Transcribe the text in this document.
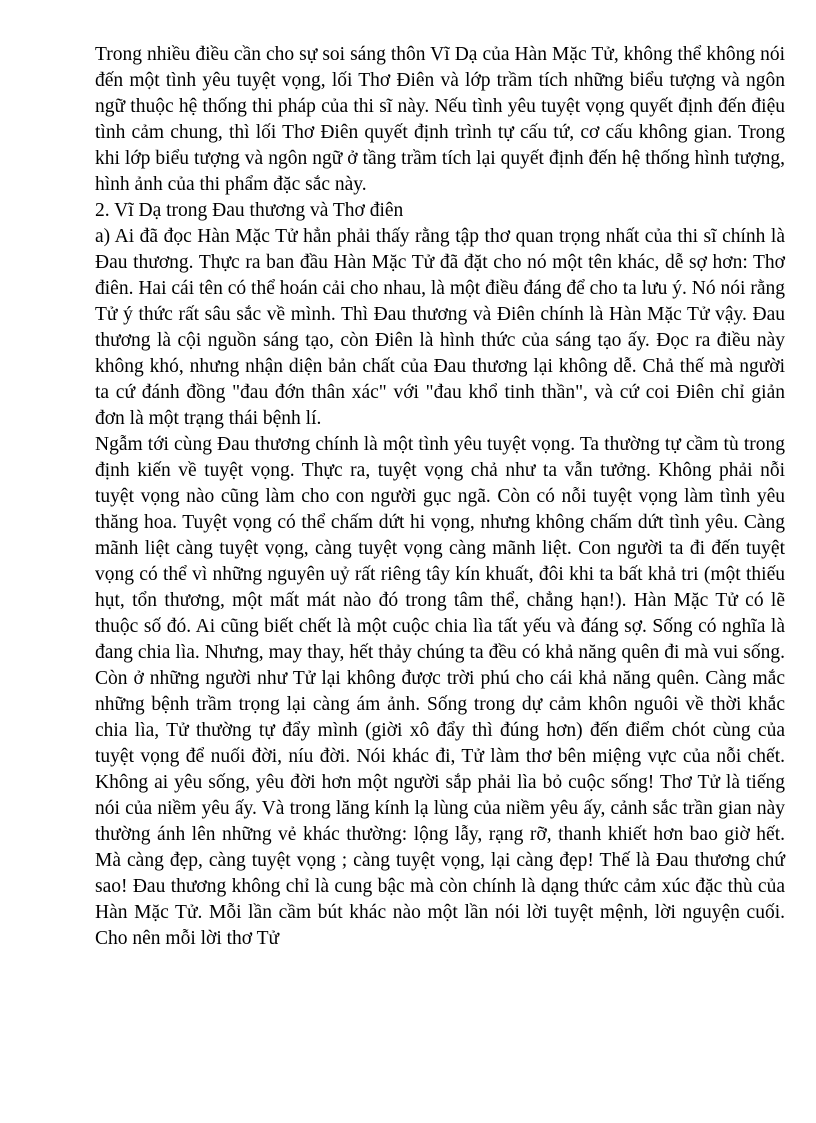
Trong nhiều điều cần cho sự soi sáng thôn Vĩ Dạ của Hàn Mặc Tử, không thể không nói đến một tình yêu tuyệt vọng, lối Thơ Điên và lớp trầm tích những biểu tượng và ngôn ngữ thuộc hệ thống thi pháp của thi sĩ này. Nếu tình yêu tuyệt vọng quyết định đến điệu tình cảm chung, thì lối Thơ Điên quyết định trình tự cấu tứ, cơ cấu không gian. Trong khi lớp biểu tượng và ngôn ngữ ở tầng trầm tích lại quyết định đến hệ thống hình tượng, hình ảnh của thi phẩm đặc sắc này.

2. Vĩ Dạ trong Đau thương và Thơ điên

a) Ai đã đọc Hàn Mặc Tử hẳn phải thấy rằng tập thơ quan trọng nhất của thi sĩ chính là Đau thương. Thực ra ban đầu Hàn Mặc Tử đã đặt cho nó một tên khác, dễ sợ hơn: Thơ điên. Hai cái tên có thể hoán cải cho nhau, là một điều đáng để cho ta lưu ý. Nó nói rằng Tử ý thức rất sâu sắc về mình. Thì Đau thương và Điên chính là Hàn Mặc Tử vậy. Đau thương là cội nguồn sáng tạo, còn Điên là hình thức của sáng tạo ấy. Đọc ra điều này không khó, nhưng nhận diện bản chất của Đau thương lại không dễ. Chả thế mà người ta cứ đánh đồng "đau đớn thân xác" với "đau khổ tinh thần", và cứ coi Điên chỉ giản đơn là một trạng thái bệnh lí.

Ngẫm tới cùng Đau thương chính là một tình yêu tuyệt vọng. Ta thường tự cầm tù trong định kiến về tuyệt vọng. Thực ra, tuyệt vọng chả như ta vẫn tưởng. Không phải nỗi tuyệt vọng nào cũng làm cho con người gục ngã. Còn có nỗi tuyệt vọng làm tình yêu thăng hoa. Tuyệt vọng có thể chấm dứt hi vọng, nhưng không chấm dứt tình yêu. Càng mãnh liệt càng tuyệt vọng, càng tuyệt vọng càng mãnh liệt. Con người ta đi đến tuyệt vọng có thể vì những nguyên uỷ rất riêng tây kín khuất, đôi khi ta bất khả tri (một thiếu hụt, tổn thương, một mất mát nào đó trong tâm thể, chẳng hạn!). Hàn Mặc Tử có lẽ thuộc số đó. Ai cũng biết chết là một cuộc chia lìa tất yếu và đáng sợ. Sống có nghĩa là đang chia lìa. Nhưng, may thay, hết thảy chúng ta đều có khả năng quên đi mà vui sống. Còn ở những người như Tử lại không được trời phú cho cái khả năng quên. Càng mắc những bệnh trầm trọng lại càng ám ảnh. Sống trong dự cảm khôn nguôi về thời khắc chia lìa, Tử thường tự đẩy mình (giời xô đẩy thì đúng hơn) đến điểm chót cùng của tuyệt vọng để nuối đời, níu đời. Nói khác đi, Tử làm thơ bên miệng vực của nỗi chết. Không ai yêu sống, yêu đời hơn một người sắp phải lìa bỏ cuộc sống! Thơ Tử là tiếng nói của niềm yêu ấy. Và trong lăng kính lạ lùng của niềm yêu ấy, cảnh sắc trần gian này thường ánh lên những vẻ khác thường: lộng lẫy, rạng rỡ, thanh khiết hơn bao giờ hết. Mà càng đẹp, càng tuyệt vọng ; càng tuyệt vọng, lại càng đẹp! Thế là Đau thương chứ sao! Đau thương không chỉ là cung bậc mà còn chính là dạng thức cảm xúc đặc thù của Hàn Mặc Tử. Mỗi lần cầm bút khác nào một lần nói lời tuyệt mệnh, lời nguyện cuối. Cho nên mỗi lời thơ Tử
